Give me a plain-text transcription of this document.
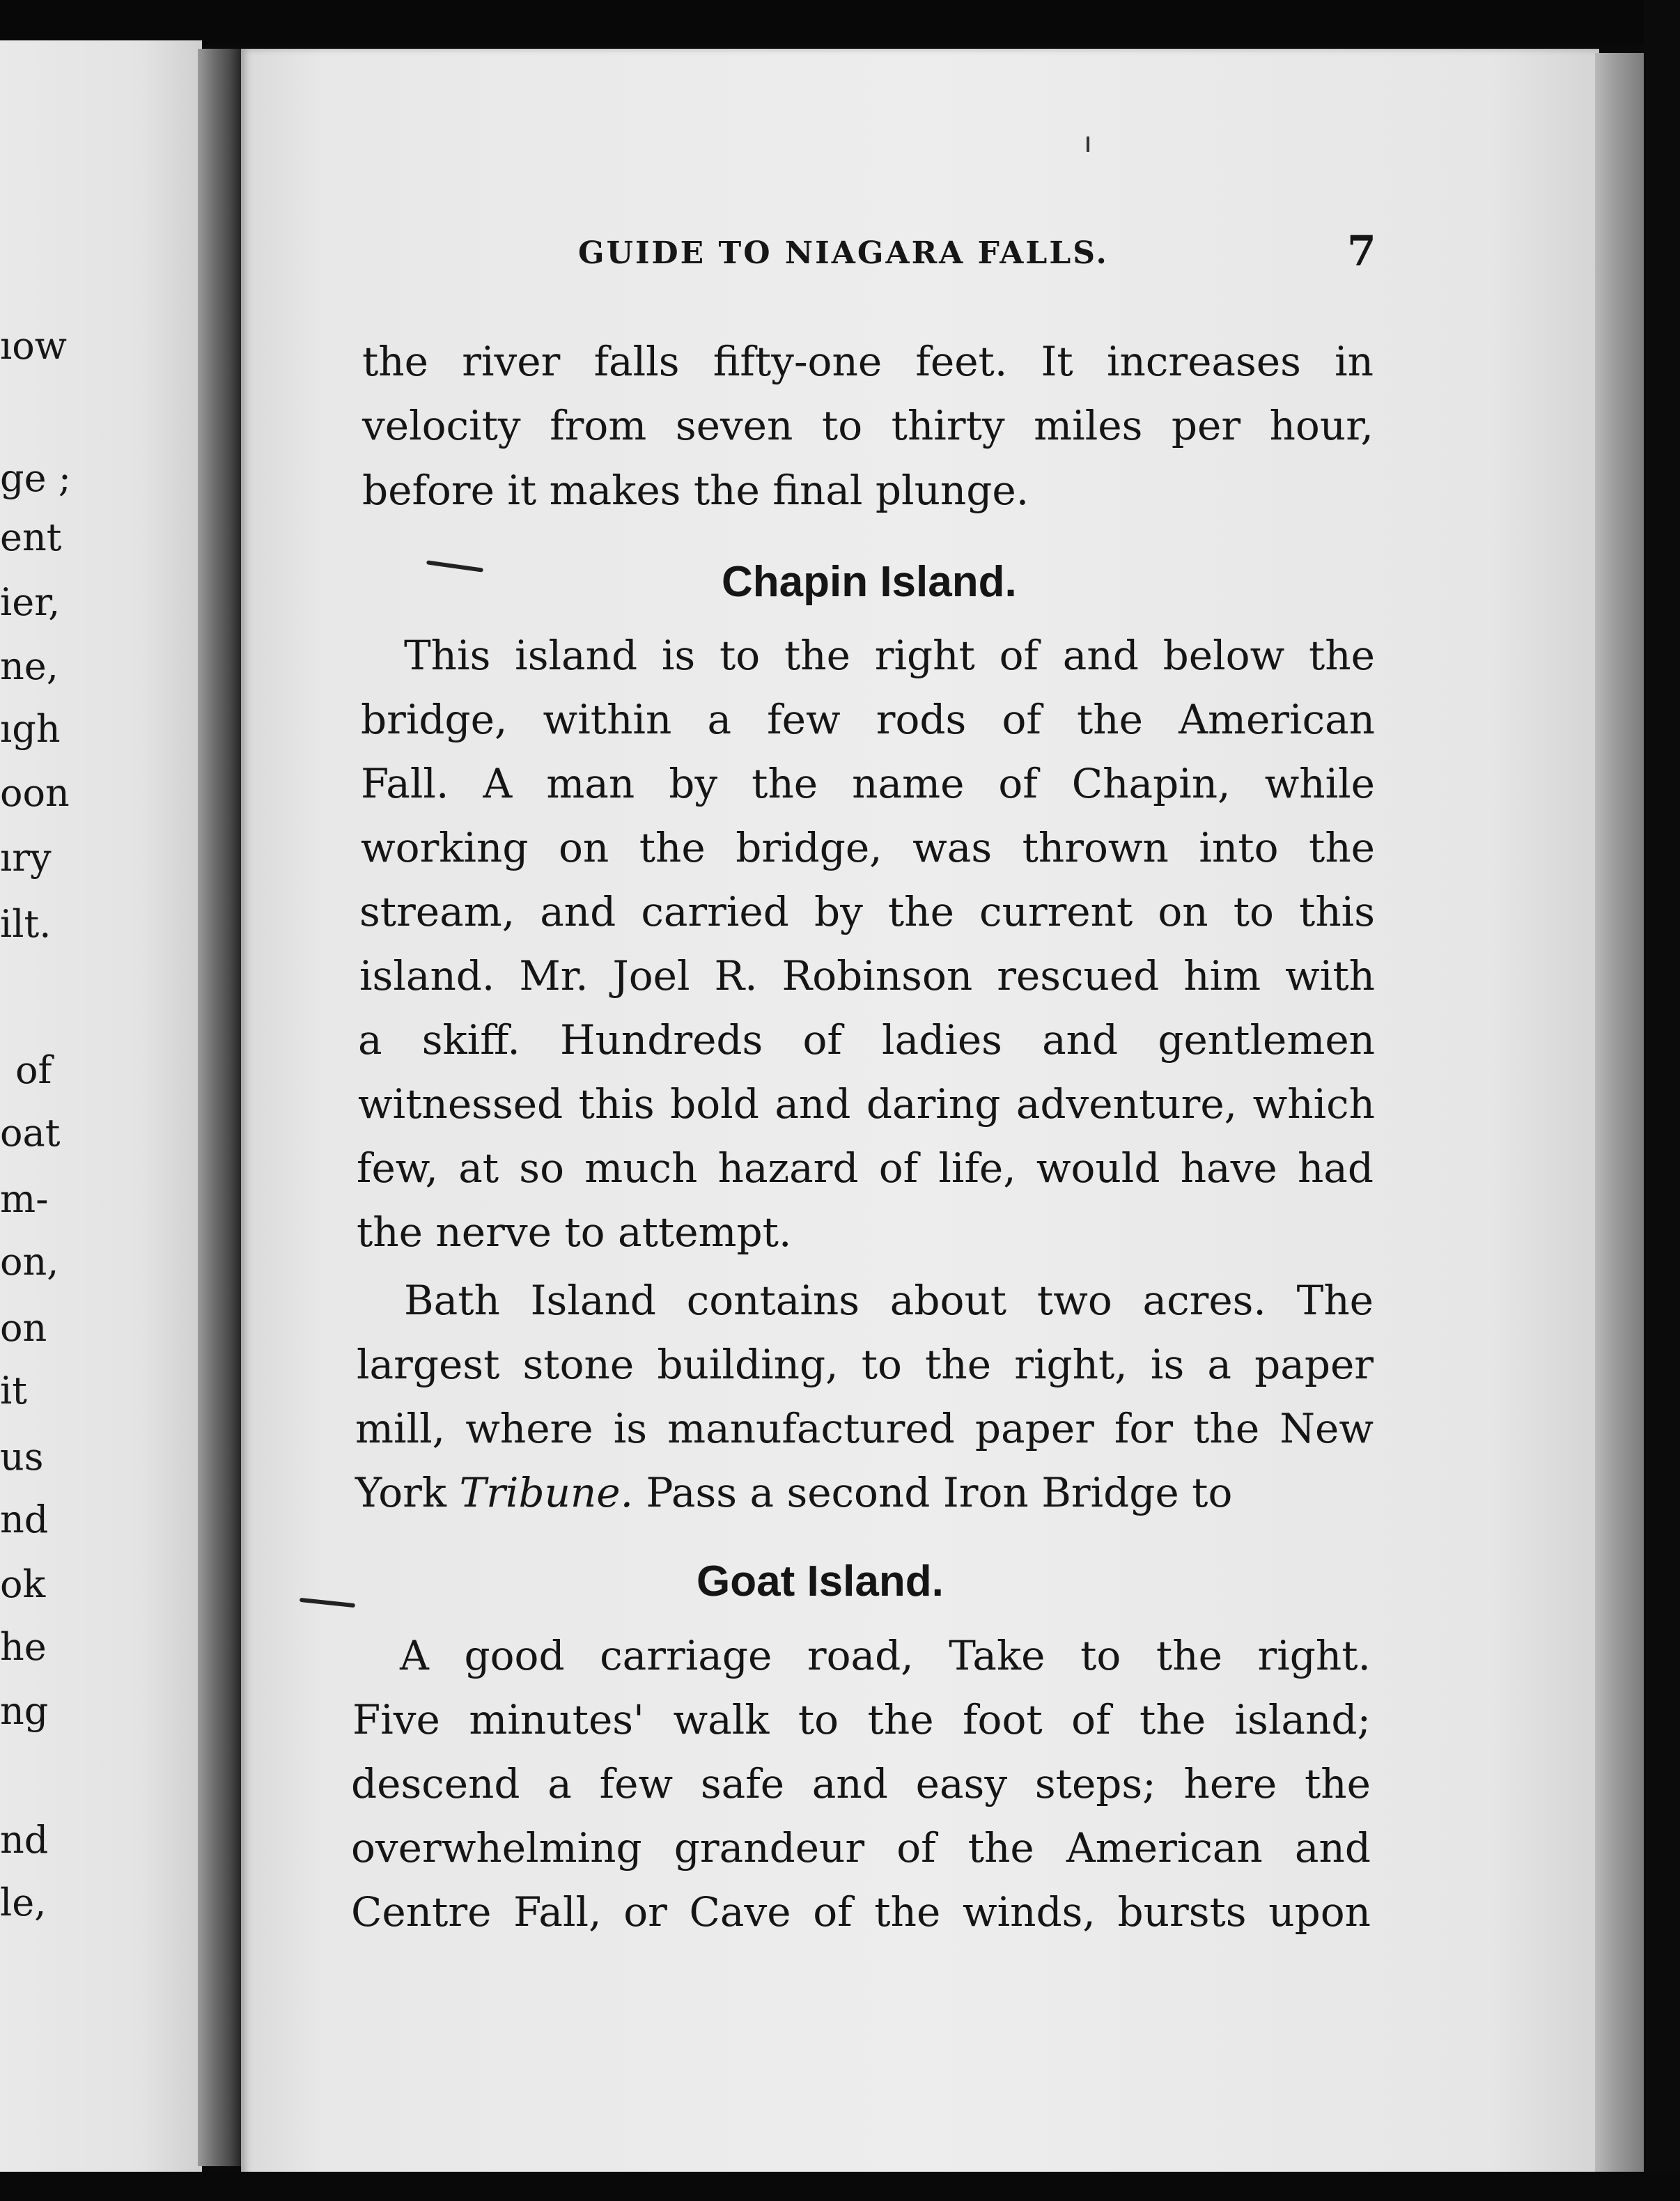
ıow
ge ;
ent
ier,
ne,
ıgh
oon
ıry
ilt.
of
oat
m-
on,
on
it
us
nd
ok
he
ng
nd
le,
GUIDE TO NIAGARA FALLS.	7
the river falls fifty-one feet. It increases in
velocity from seven to thirty miles per hour,
before it makes the final plunge.
Chapin Island.
This island is to the right of and below the
bridge, within a few rods of the American
Fall. A man by the name of Chapin, while
working on the bridge, was thrown into the
stream, and carried by the current on to this
island. Mr. Joel R. Robinson rescued him with
a skiff. Hundreds of ladies and gentlemen
witnessed this bold and daring adventure, which
few, at so much hazard of life, would have had
the nerve to attempt.
Bath Island contains about two acres. The
largest stone building, to the right, is a paper
mill, where is manufactured paper for the New
York Tribune. Pass a second Iron Bridge to
Goat Island.
A good carriage road, Take to the right.
Five minutes' walk to the foot of the island;
descend a few safe and easy steps; here the
overwhelming grandeur of the American and
Centre Fall, or Cave of the winds, bursts upon
